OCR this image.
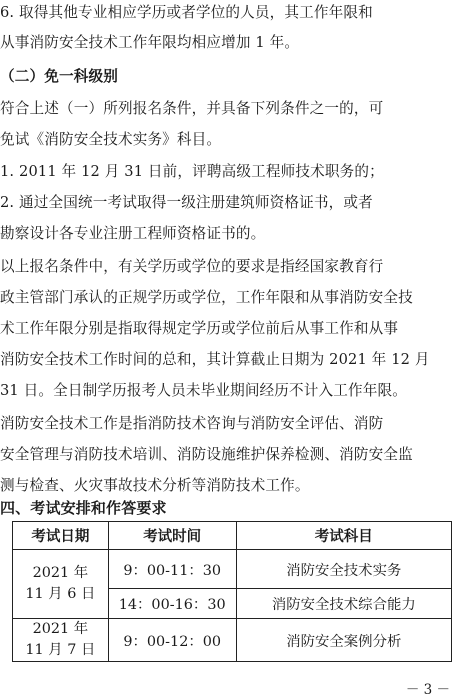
6. 取得其他专业相应学历或者学位的人员，其工作年限和
从事消防安全技术工作年限均相应增加 1 年。
（二）免一科级别
符合上述（一）所列报名条件，并具备下列条件之一的，可
免试《消防安全技术实务》科目。
1. 2011 年 12 月 31 日前，评聘高级工程师技术职务的；
2. 通过全国统一考试取得一级注册建筑师资格证书，或者
勘察设计各专业注册工程师资格证书的。
以上报名条件中，有关学历或学位的要求是指经国家教育行
政主管部门承认的正规学历或学位，工作年限和从事消防安全技
术工作年限分别是指取得规定学历或学位前后从事工作和从事
消防安全技术工作时间的总和，其计算截止日期为 2021 年 12 月
31 日。全日制学历报考人员未毕业期间经历不计入工作年限。
消防安全技术工作是指消防技术咨询与消防安全评估、消防
安全管理与消防技术培训、消防设施维护保养检测、消防安全监
测与检查、火灾事故技术分析等消防技术工作。
四、考试安排和作答要求
考试日期	考试时间	考试科目

2021 年
11 月 6 日	9：00-11：30	消防安全技术实务
	14：00-16：30	消防安全技术综合能力

2021 年
11 月 7 日	9：00-12：00	消防安全案例分析
－ 3 －
